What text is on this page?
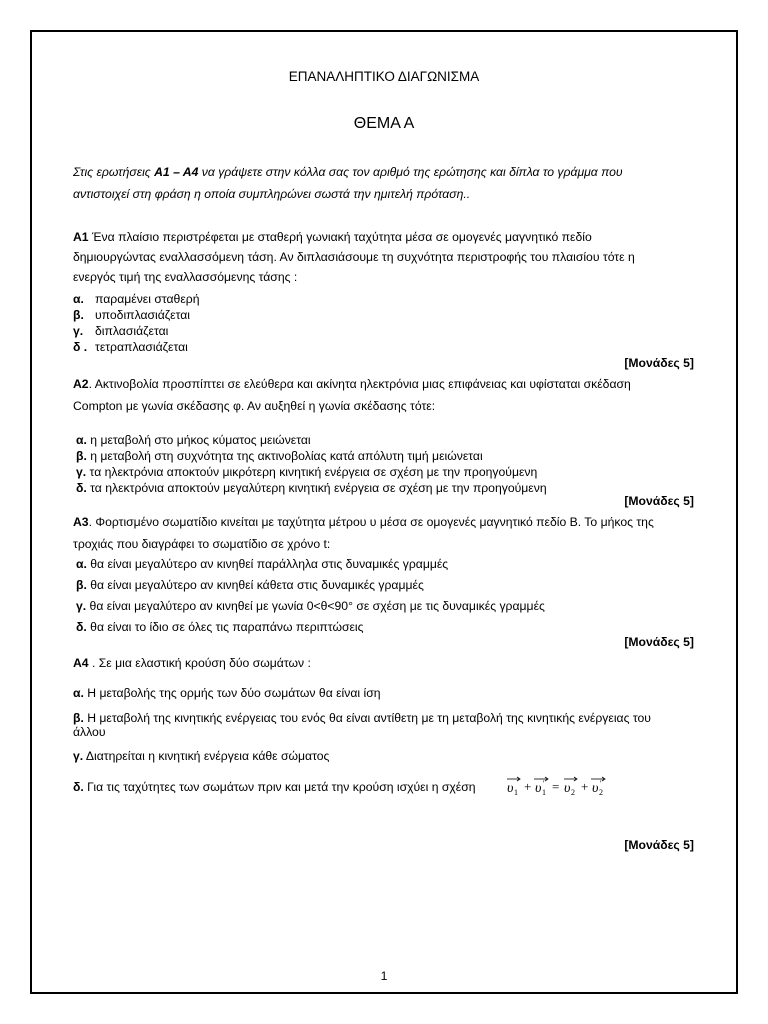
ΕΠΑΝΑΛΗΠΤΙΚΟ ΔΙΑΓΩΝΙΣΜΑ
ΘΕΜΑ Α
Στις ερωτήσεις Α1 – Α4 να γράψετε στην κόλλα σας τον αριθμό της ερώτησης και δίπλα το γράμμα που
αντιστοιχεί στη φράση η οποία συμπληρώνει σωστά την ημιτελή πρόταση..
Α1 Ένα πλαίσιο περιστρέφεται με σταθερή γωνιακή ταχύτητα μέσα σε ομογενές μαγνητικό πεδίο
δημιουργώντας εναλλασσόμενη τάση. Αν διπλασιάσουμε τη συχνότητα περιστροφής του πλαισίου τότε η
ενεργός τιμή της εναλλασσόμενης τάσης :
α. παραμένει σταθερή
β. υποδιπλασιάζεται
γ. διπλασιάζεται
δ . τετραπλασιάζεται
[Μονάδες 5]
Α2. Ακτινοβολία προσπίπτει σε ελεύθερα και ακίνητα ηλεκτρόνια μιας επιφάνειας και υφίσταται σκέδαση
Compton με γωνία σκέδασης φ. Αν αυξηθεί η γωνία σκέδασης τότε:
α. η μεταβολή στο μήκος κύματος μειώνεται
β. η μεταβολή στη συχνότητα της ακτινοβολίας κατά απόλυτη τιμή μειώνεται
γ. τα ηλεκτρόνια αποκτούν μικρότερη κινητική ενέργεια σε σχέση με την προηγούμενη
δ. τα ηλεκτρόνια αποκτούν μεγαλύτερη κινητική ενέργεια σε σχέση με την προηγούμενη
[Μονάδες 5]
Α3. Φορτισμένο σωματίδιο κινείται με ταχύτητα μέτρου υ μέσα σε ομογενές μαγνητικό πεδίο Β. Το μήκος της
τροχιάς που διαγράφει το σωματίδιο σε χρόνο t:
α. θα είναι μεγαλύτερο αν κινηθεί παράλληλα στις δυναμικές γραμμές
β. θα είναι μεγαλύτερο αν κινηθεί κάθετα στις δυναμικές γραμμές
γ. θα είναι μεγαλύτερο αν κινηθεί με γωνία 0<θ<90° σε σχέση με τις δυναμικές γραμμές
δ. θα είναι το ίδιο σε όλες τις παραπάνω περιπτώσεις
[Μονάδες 5]
Α4 . Σε μια ελαστική κρούση δύο σωμάτων :
α. Η μεταβολής της ορμής των δύο σωμάτων θα είναι ίση
β. Η μεταβολή της κινητικής ενέργειας του ενός θα είναι αντίθετη με τη μεταβολή της κινητικής ενέργειας του
άλλου
γ. Διατηρείται η κινητική ενέργεια κάθε σώματος
δ. Για τις ταχύτητες των σωμάτων πριν και μετά την κρούση ισχύει η σχέση υ 1 + υ 1
' = υ 2 + υ 2
'
[Μονάδες 5]
1
